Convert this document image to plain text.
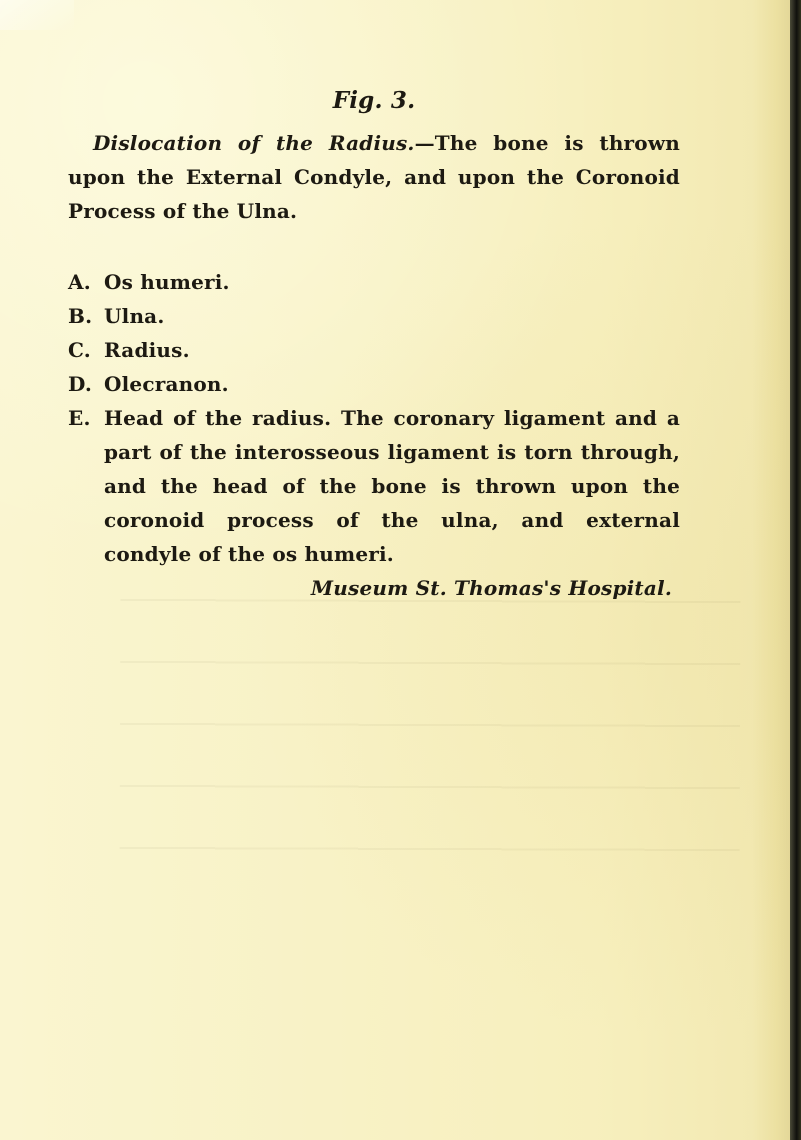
Fig. 3.

Dislocation of the Radius.—The bone is thrown upon the External Condyle, and upon the Coronoid Process of the Ulna.

A. Os humeri.
B. Ulna.
C. Radius.
D. Olecranon.
E. Head of the radius. The coronary ligament and a part of the interosseous ligament is torn through, and the head of the bone is thrown upon the coronoid process of the ulna, and external condyle of the os humeri.

Museum St. Thomas's Hospital.
